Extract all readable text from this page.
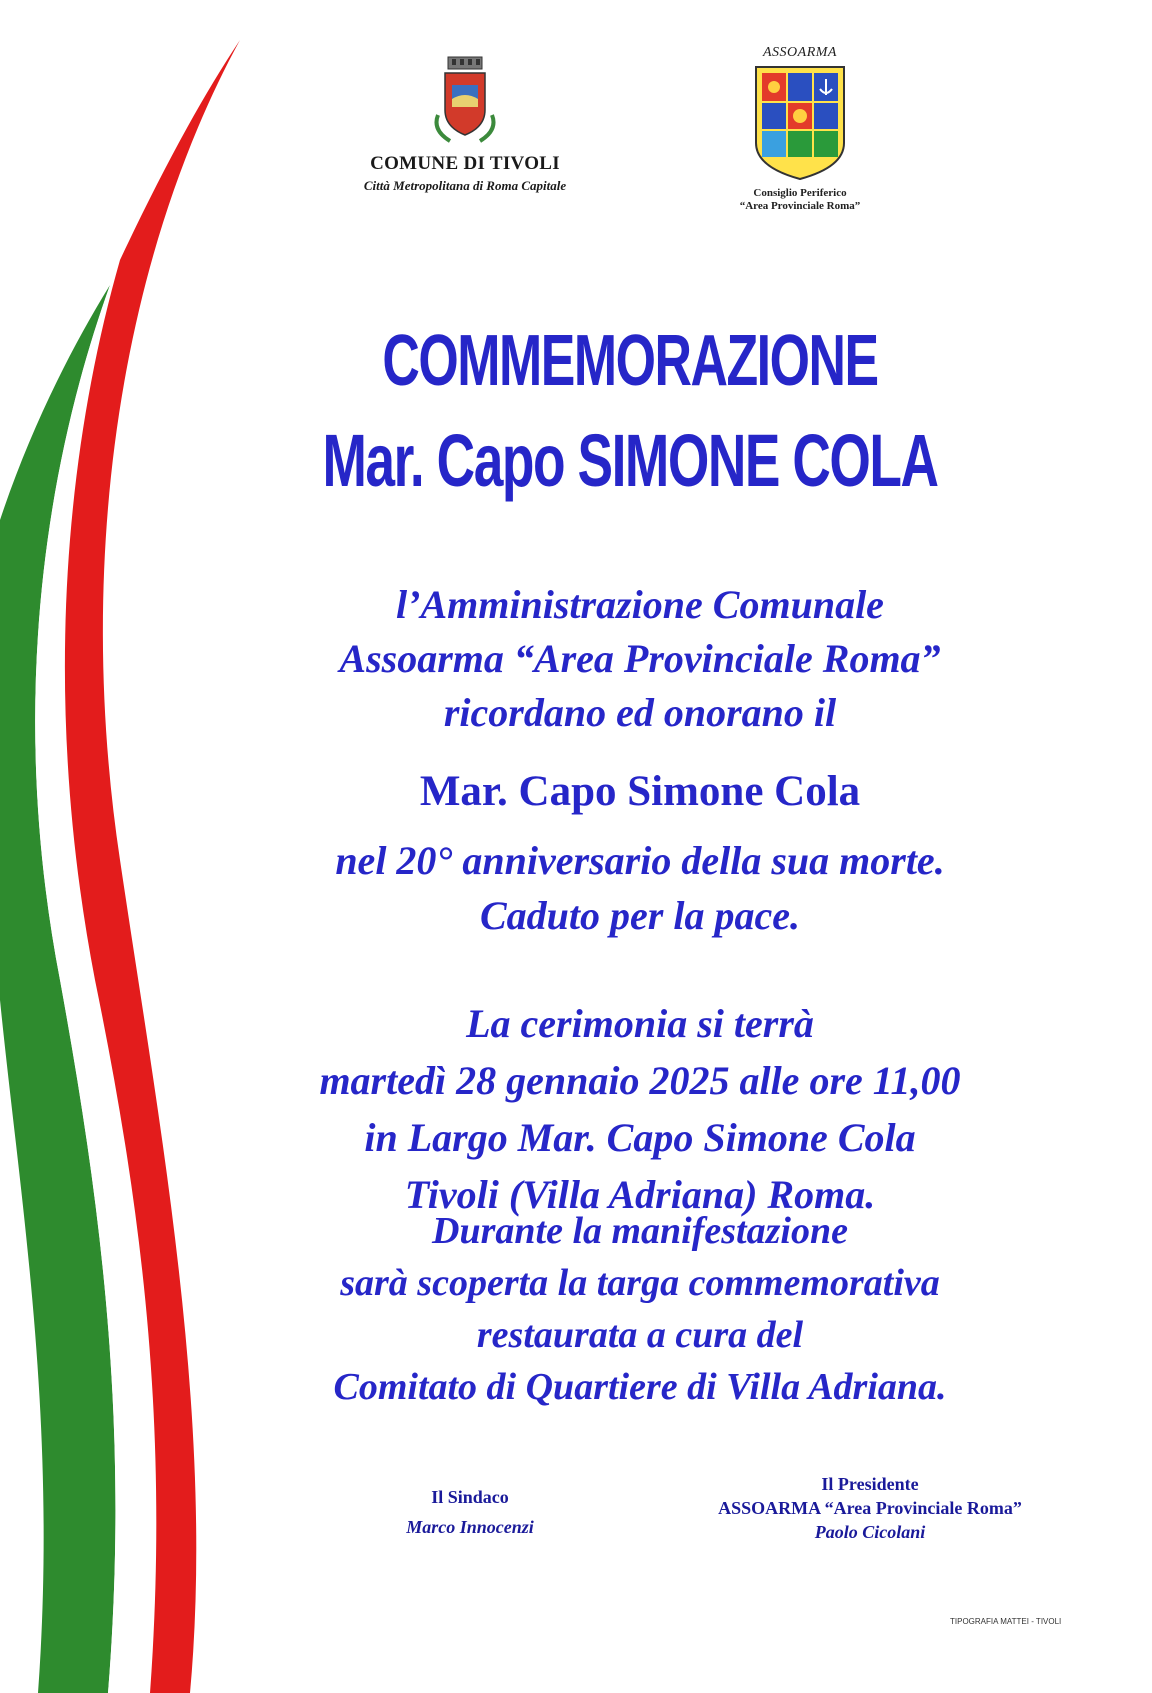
COMUNE DI TIVOLI
Città Metropolitana di Roma Capitale
ASSOARMA
Consiglio Periferico
“Area Provinciale Roma”
COMMEMORAZIONE
Mar. Capo SIMONE COLA
l’Amministrazione Comunale
Assoarma “Area Provinciale Roma”
ricordano ed onorano il
Mar. Capo Simone Cola
nel 20° anniversario della sua morte.
Caduto per la pace.
La cerimonia si terrà
martedì 28 gennaio 2025 alle ore 11,00
in Largo Mar. Capo Simone Cola
Tivoli (Villa Adriana) Roma.
Durante la manifestazione
sarà scoperta la targa commemorativa
restaurata a cura del
Comitato di Quartiere di Villa Adriana.
Il Sindaco
Marco Innocenzi
Il Presidente
ASSOARMA “Area Provinciale Roma”
Paolo Cicolani
TIPOGRAFIA MATTEI - TIVOLI
